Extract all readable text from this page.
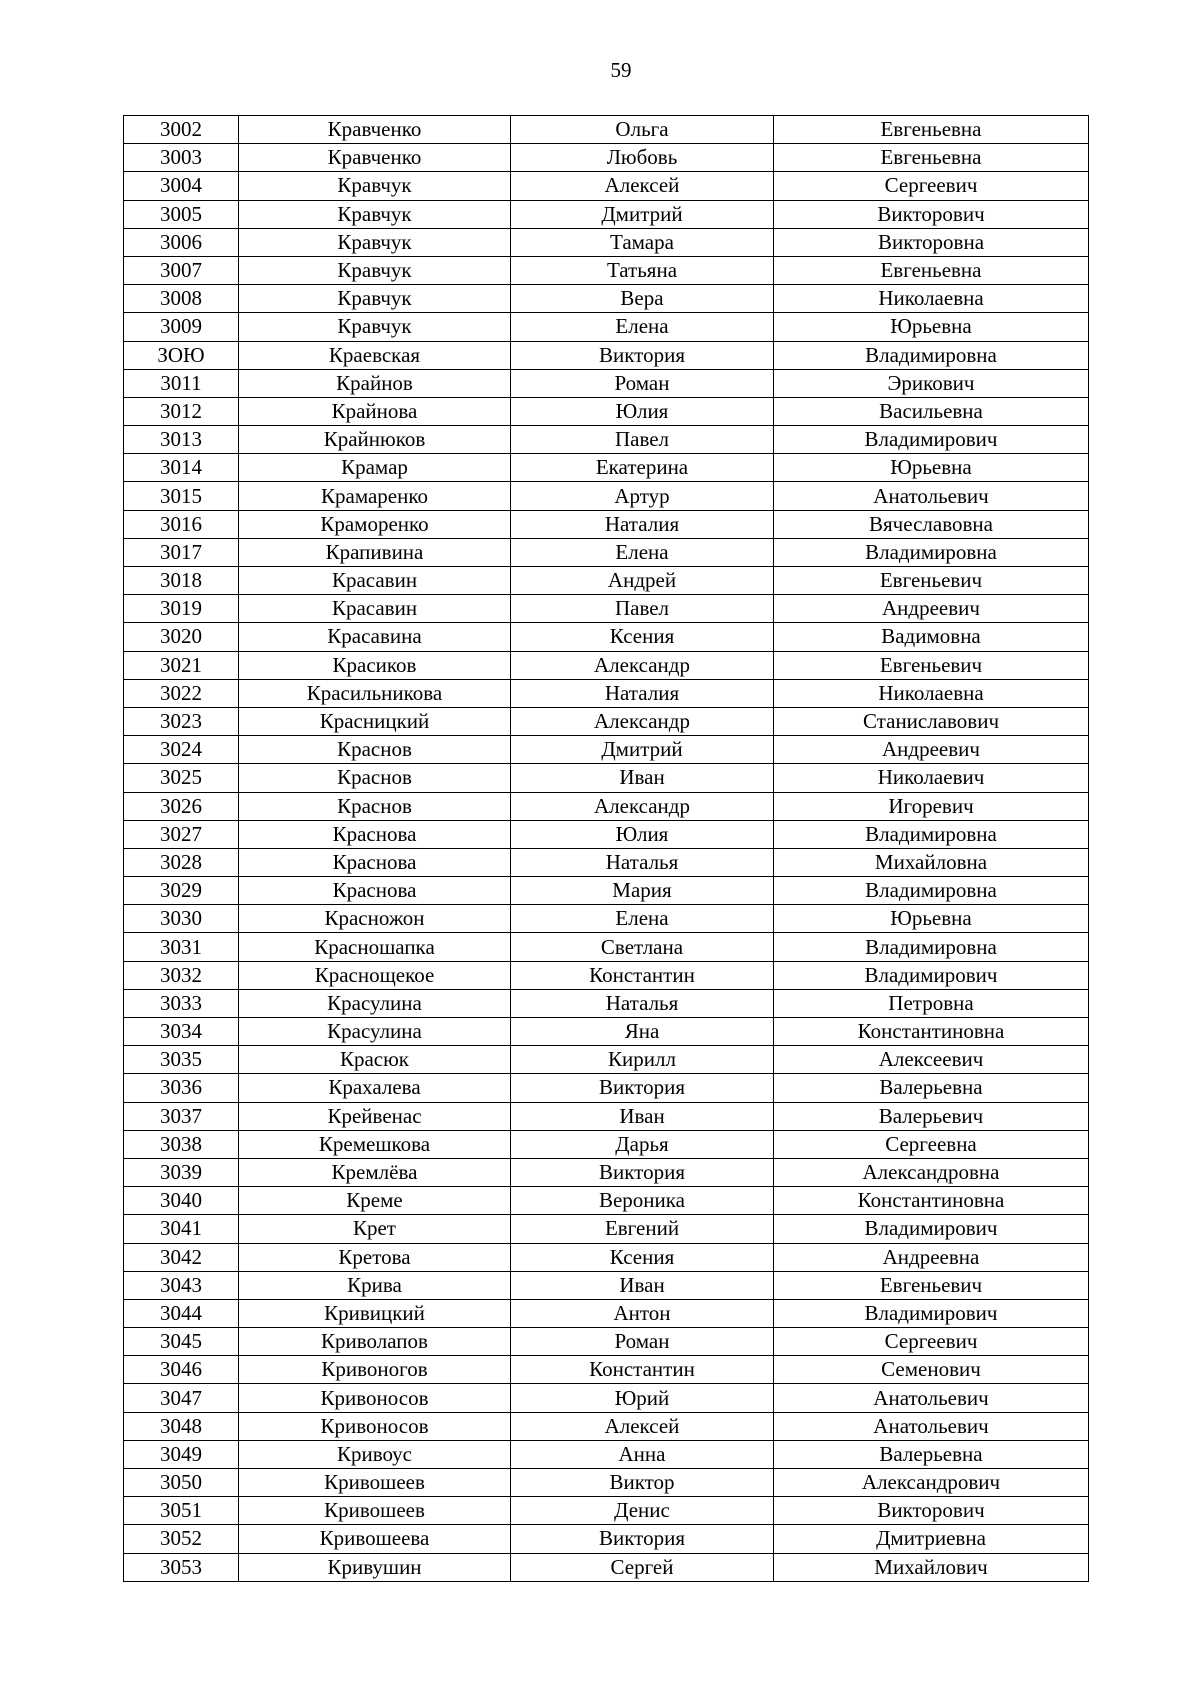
59
3002	Кравченко	Ольга	Евгеньевна
3003	Кравченко	Любовь	Евгеньевна
3004	Кравчук	Алексей	Сергеевич
3005	Кравчук	Дмитрий	Викторович
3006	Кравчук	Тамара	Викторовна
3007	Кравчук	Татьяна	Евгеньевна
3008	Кравчук	Вера	Николаевна
3009	Кравчук	Елена	Юрьевна
ЗОЮ	Краевская	Виктория	Владимировна
3011	Крайнов	Роман	Эрикович
3012	Крайнова	Юлия	Васильевна
3013	Крайнюков	Павел	Владимирович
3014	Крамар	Екатерина	Юрьевна
3015	Крамаренко	Артур	Анатольевич
3016	Краморенко	Наталия	Вячеславовна
3017	Крапивина	Елена	Владимировна
3018	Красавин	Андрей	Евгеньевич
3019	Красавин	Павел	Андреевич
3020	Красавина	Ксения	Вадимовна
3021	Красиков	Александр	Евгеньевич
3022	Красильникова	Наталия	Николаевна
3023	Красницкий	Александр	Станиславович
3024	Краснов	Дмитрий	Андреевич
3025	Краснов	Иван	Николаевич
3026	Краснов	Александр	Игоревич
3027	Краснова	Юлия	Владимировна
3028	Краснова	Наталья	Михайловна
3029	Краснова	Мария	Владимировна
3030	Красножон	Елена	Юрьевна
3031	Красношапка	Светлана	Владимировна
3032	Краснощекое	Константин	Владимирович
3033	Красулина	Наталья	Петровна
3034	Красулина	Яна	Константиновна
3035	Красюк	Кирилл	Алексеевич
3036	Крахалева	Виктория	Валерьевна
3037	Крейвенас	Иван	Валерьевич
3038	Кремешкова	Дарья	Сергеевна
3039	Кремлёва	Виктория	Александровна
3040	Креме	Вероника	Константиновна
3041	Крет	Евгений	Владимирович
3042	Кретова	Ксения	Андреевна
3043	Крива	Иван	Евгеньевич
3044	Кривицкий	Антон	Владимирович
3045	Криволапов	Роман	Сергеевич
3046	Кривоногов	Константин	Семенович
3047	Кривоносов	Юрий	Анатольевич
3048	Кривоносов	Алексей	Анатольевич
3049	Кривоус	Анна	Валерьевна
3050	Кривошеев	Виктор	Александрович
3051	Кривошеев	Денис	Викторович
3052	Кривошеева	Виктория	Дмитриевна
3053	Кривушин	Сергей	Михайлович
